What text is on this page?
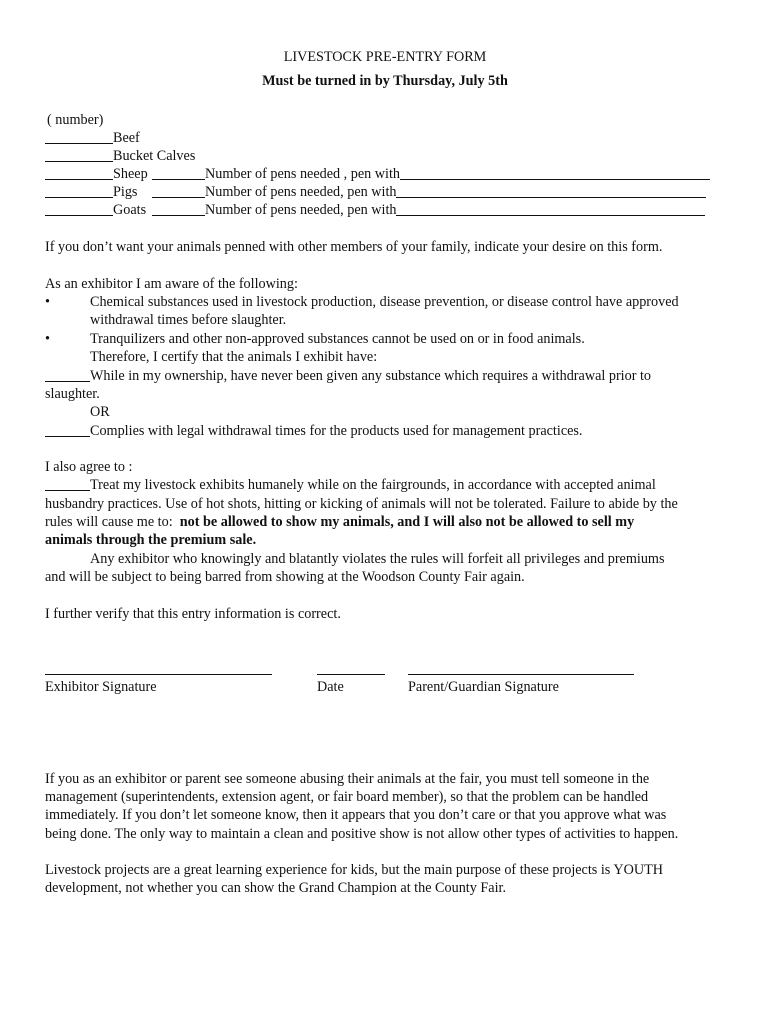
LIVESTOCK PRE-ENTRY FORM
Must be turned in by Thursday, July 5th
( number)
Beef
Bucket Calves
Sheep	Number of pens needed , pen with
Pigs	Number of pens needed, pen with
Goats	Number of pens needed, pen with
If you don’t want your animals penned with other members of your family, indicate your desire on this form.
As an exhibitor I am aware of the following:
•	Chemical substances used in livestock production, disease prevention, or disease control have approved
withdrawal times before slaughter.
•	Tranquilizers and other non-approved substances cannot be used on or in food animals.
Therefore, I certify that the animals I exhibit have:
While in my ownership, have never been given any substance which requires a withdrawal prior to
slaughter.
OR
Complies with legal withdrawal times for the products used for management practices.
I also agree to :
Treat my livestock exhibits humanely while on the fairgrounds, in accordance with accepted animal
husbandry practices. Use of hot shots, hitting or kicking of animals will not be tolerated. Failure to abide by the
rules will cause me to:  not be allowed to show my animals, and I will also not be allowed to sell my
animals through the premium sale.
Any exhibitor who knowingly and blatantly violates the rules will forfeit all privileges and premiums
and will be subject to being barred from showing at the Woodson County Fair again.
I further verify that this entry information is correct.
Exhibitor Signature	Date	Parent/Guardian Signature
If you as an exhibitor or parent see someone abusing their animals at the fair, you must tell someone in the
management (superintendents, extension agent, or fair board member), so that the problem can be handled
immediately. If you don’t let someone know, then it appears that you don’t care or that you approve what was
being done. The only way to maintain a clean and positive show is not allow other types of activities to happen.
Livestock projects are a great learning experience for kids, but the main purpose of these projects is YOUTH
development, not whether you can show the Grand Champion at the County Fair.
